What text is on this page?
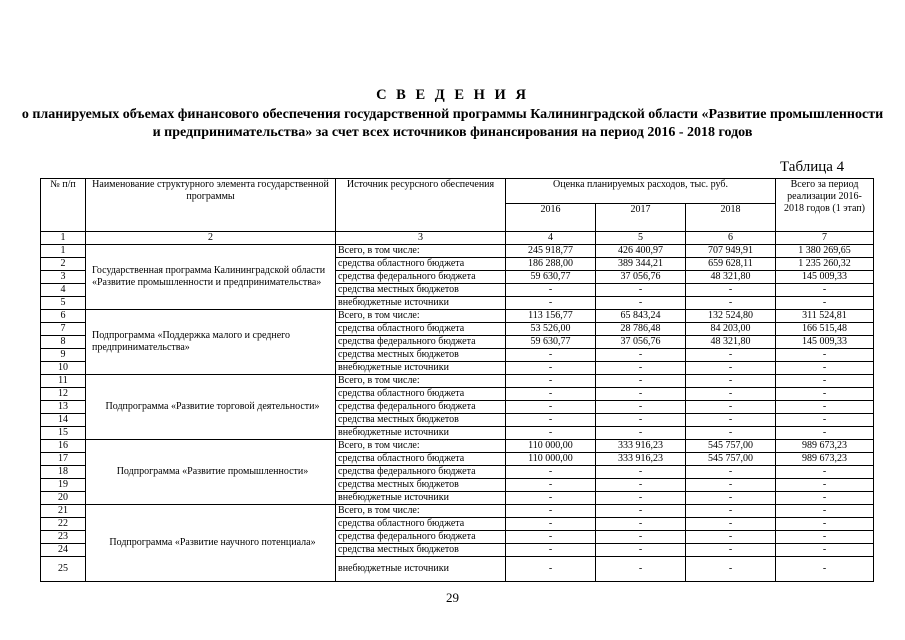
С В Е Д Е Н И Я
о планируемых объемах финансового обеспечения государственной программы Калининградской области «Развитие промышленности и предпринимательства» за счет всех источников финансирования на период 2016 - 2018 годов
Таблица 4
№ п/п	Наименование структурного элемента государственной программы	Источник ресурсного обеспечения	Оценка планируемых расходов, тыс. руб.			Всего за период реализации 2016-2018 годов (1 этап)
			2016	2017	2018	
1	2	3	4	5	6	7
1	Государственная программа Калининградской области «Развитие промышленности и предпринимательства»	Всего, в том числе:	245 918,77	426 400,97	707 949,91	1 380 269,65
2		средства областного бюджета	186 288,00	389 344,21	659 628,11	1 235 260,32
3		средства федерального бюджета	59 630,77	37 056,76	48 321,80	145 009,33
4		средства местных бюджетов	-	-	-	-
5		внебюджетные источники	-	-	-	-
6	Подпрограмма «Поддержка малого и среднего предпринимательства»	Всего, в том числе:	113 156,77	65 843,24	132 524,80	311 524,81
7		средства областного бюджета	53 526,00	28 786,48	84 203,00	166 515,48
8		средства федерального бюджета	59 630,77	37 056,76	48 321,80	145 009,33
9		средства местных бюджетов	-	-	-	-
10		внебюджетные источники	-	-	-	-
11	Подпрограмма «Развитие торговой деятельности»	Всего, в том числе:	-	-	-	-
12		средства областного бюджета	-	-	-	-
13		средства федерального бюджета	-	-	-	-
14		средства местных бюджетов	-	-	-	-
15		внебюджетные источники	-	-	-	-
16	Подпрограмма «Развитие промышленности»	Всего, в том числе:	110 000,00	333 916,23	545 757,00	989 673,23
17		средства областного бюджета	110 000,00	333 916,23	545 757,00	989 673,23
18		средства федерального бюджета	-	-	-	-
19		средства местных бюджетов	-	-	-	-
20		внебюджетные источники	-	-	-	-
21	Подпрограмма «Развитие научного потенциала»	Всего, в том числе:	-	-	-	-
22		средства областного бюджета	-	-	-	-
23		средства федерального бюджета	-	-	-	-
24		средства местных бюджетов	-	-	-	-
25		внебюджетные источники	-	-	-	-
29
